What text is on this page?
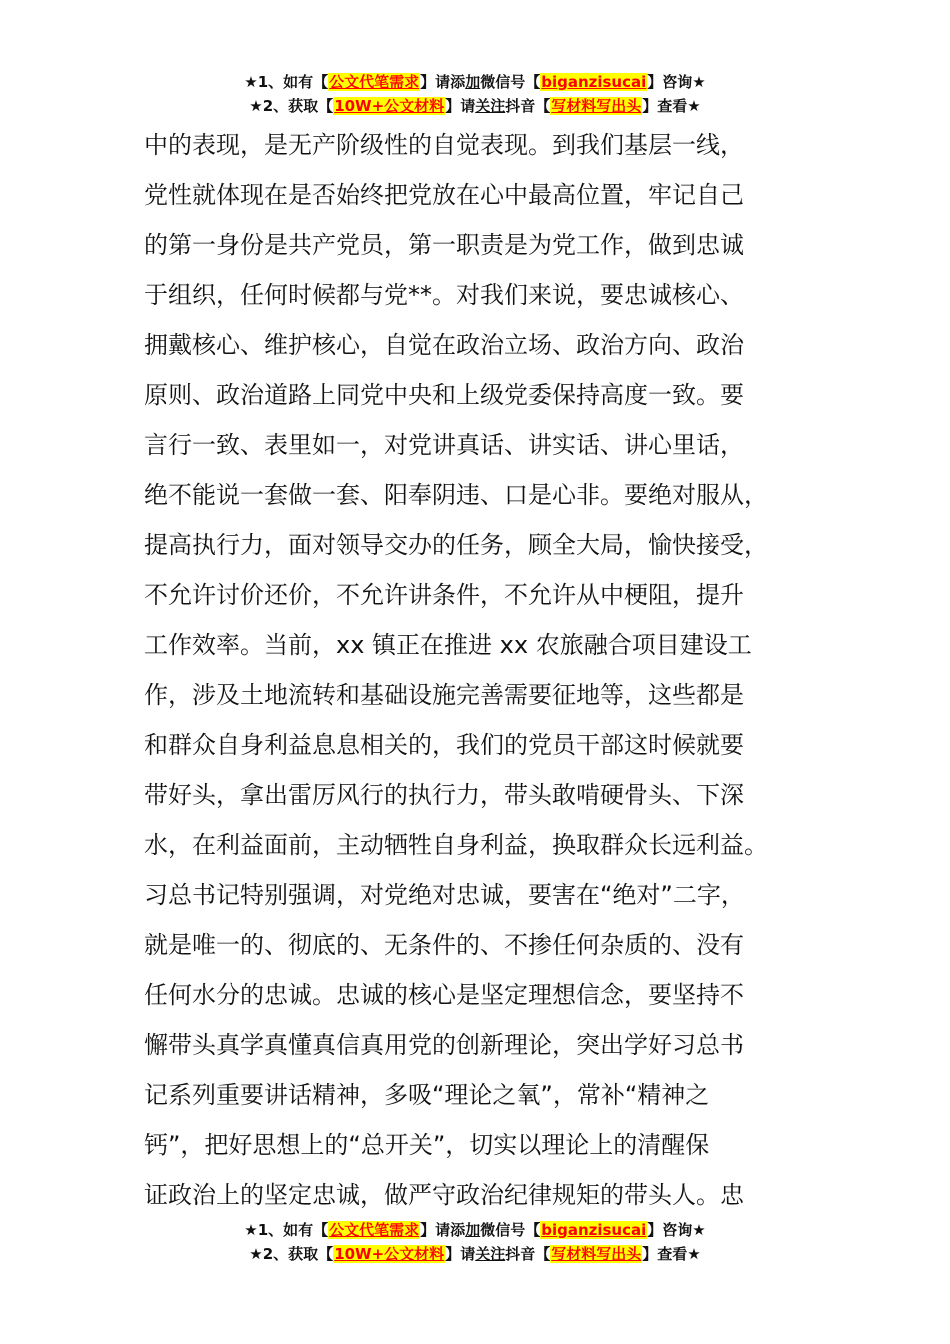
★1、如有【公文代笔需求】请添加微信号【biganzisucai】咨询★
★2、获取【10W+公文材料】请关注抖音【写材料写出头】查看★
中的表现，是无产阶级性的自觉表现。到我们基层一线，
党性就体现在是否始终把党放在心中最高位置，牢记自己
的第一身份是共产党员，第一职责是为党工作，做到忠诚
于组织，任何时候都与党**。对我们来说，要忠诚核心、
拥戴核心、维护核心，自觉在政治立场、政治方向、政治
原则、政治道路上同党中央和上级党委保持高度一致。要
言行一致、表里如一，对党讲真话、讲实话、讲心里话，
绝不能说一套做一套、阳奉阴违、口是心非。要绝对服从，
提高执行力，面对领导交办的任务，顾全大局，愉快接受，
不允许讨价还价，不允许讲条件，不允许从中梗阻，提升
工作效率。当前，xx 镇正在推进 xx 农旅融合项目建设工
作，涉及土地流转和基础设施完善需要征地等，这些都是
和群众自身利益息息相关的，我们的党员干部这时候就要
带好头，拿出雷厉风行的执行力，带头敢啃硬骨头、下深
水，在利益面前，主动牺牲自身利益，换取群众长远利益。
习总书记特别强调，对党绝对忠诚，要害在“绝对”二字，
就是唯一的、彻底的、无条件的、不掺任何杂质的、没有
任何水分的忠诚。忠诚的核心是坚定理想信念，要坚持不
懈带头真学真懂真信真用党的创新理论，突出学好习总书
记系列重要讲话精神，多吸“理论之氧”，常补“精神之
钙”，把好思想上的“总开关”，切实以理论上的清醒保
证政治上的坚定忠诚，做严守政治纪律规矩的带头人。忠
★1、如有【公文代笔需求】请添加微信号【biganzisucai】咨询★
★2、获取【10W+公文材料】请关注抖音【写材料写出头】查看★
